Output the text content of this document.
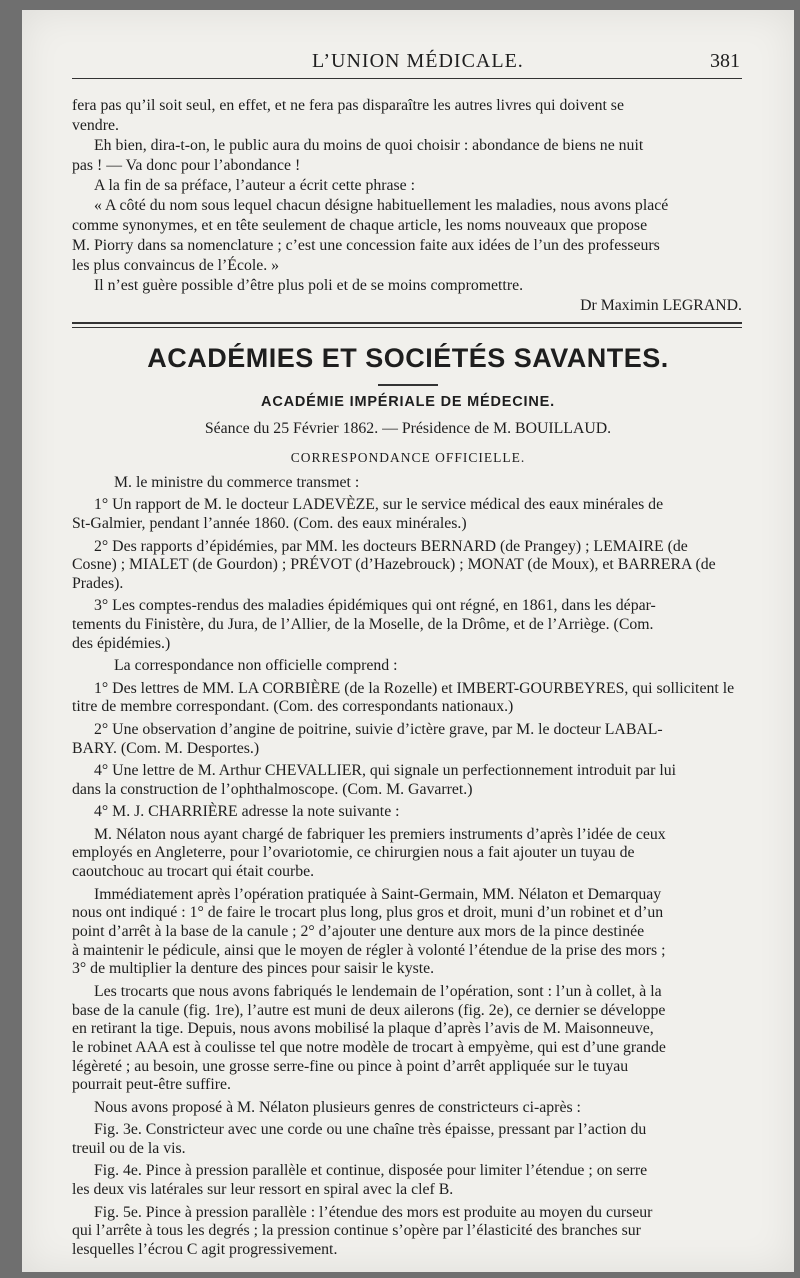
L’UNION MÉDICALE.	381
fera pas qu’il soit seul, en effet, et ne fera pas disparaître les autres livres qui doivent se
vendre.
Eh bien, dira-t-on, le public aura du moins de quoi choisir : abondance de biens ne nuit
pas ! — Va donc pour l’abondance !
A la fin de sa préface, l’auteur a écrit cette phrase :
« A côté du nom sous lequel chacun désigne habituellement les maladies, nous avons placé
comme synonymes, et en tête seulement de chaque article, les noms nouveaux que propose
M. Piorry dans sa nomenclature ; c’est une concession faite aux idées de l’un des professeurs
les plus convaincus de l’École. »
Il n’est guère possible d’être plus poli et de se moins compromettre.
Dr Maximin LEGRAND.
ACADÉMIES ET SOCIÉTÉS SAVANTES.
ACADÉMIE IMPÉRIALE DE MÉDECINE.
Séance du 25 Février 1862. — Présidence de M. BOUILLAUD.
CORRESPONDANCE OFFICIELLE.
M. le ministre du commerce transmet :
1° Un rapport de M. le docteur LADEVÈZE, sur le service médical des eaux minérales de
St-Galmier, pendant l’année 1860. (Com. des eaux minérales.)
2° Des rapports d’épidémies, par MM. les docteurs BERNARD (de Prangey) ; LEMAIRE (de
Cosne) ; MIALET (de Gourdon) ; PRÉVOT (d’Hazebrouck) ; MONAT (de Moux), et BARRERA (de
Prades).
3° Les comptes-rendus des maladies épidémiques qui ont régné, en 1861, dans les dépar-
tements du Finistère, du Jura, de l’Allier, de la Moselle, de la Drôme, et de l’Arriège. (Com.
des épidémies.)
La correspondance non officielle comprend :
1° Des lettres de MM. LA CORBIÈRE (de la Rozelle) et IMBERT-GOURBEYRES, qui sollicitent le
titre de membre correspondant. (Com. des correspondants nationaux.)
2° Une observation d’angine de poitrine, suivie d’ictère grave, par M. le docteur LABAL-
BARY. (Com. M. Desportes.)
4° Une lettre de M. Arthur CHEVALLIER, qui signale un perfectionnement introduit par lui
dans la construction de l’ophthalmoscope. (Com. M. Gavarret.)
4° M. J. CHARRIÈRE adresse la note suivante :
M. Nélaton nous ayant chargé de fabriquer les premiers instruments d’après l’idée de ceux
employés en Angleterre, pour l’ovariotomie, ce chirurgien nous a fait ajouter un tuyau de
caoutchouc au trocart qui était courbe.
Immédiatement après l’opération pratiquée à Saint-Germain, MM. Nélaton et Demarquay
nous ont indiqué : 1° de faire le trocart plus long, plus gros et droit, muni d’un robinet et d’un
point d’arrêt à la base de la canule ; 2° d’ajouter une denture aux mors de la pince destinée
à maintenir le pédicule, ainsi que le moyen de régler à volonté l’étendue de la prise des mors ;
3° de multiplier la denture des pinces pour saisir le kyste.
Les trocarts que nous avons fabriqués le lendemain de l’opération, sont : l’un à collet, à la
base de la canule (fig. 1re), l’autre est muni de deux ailerons (fig. 2e), ce dernier se développe
en retirant la tige. Depuis, nous avons mobilisé la plaque d’après l’avis de M. Maisonneuve,
le robinet AAA est à coulisse tel que notre modèle de trocart à empyème, qui est d’une grande
légèreté ; au besoin, une grosse serre-fine ou pince à point d’arrêt appliquée sur le tuyau
pourrait peut-être suffire.
Nous avons proposé à M. Nélaton plusieurs genres de constricteurs ci-après :
Fig. 3e. Constricteur avec une corde ou une chaîne très épaisse, pressant par l’action du
treuil ou de la vis.
Fig. 4e. Pince à pression parallèle et continue, disposée pour limiter l’étendue ; on serre
les deux vis latérales sur leur ressort en spiral avec la clef B.
Fig. 5e. Pince à pression parallèle : l’étendue des mors est produite au moyen du curseur
qui l’arrête à tous les degrés ; la pression continue s’opère par l’élasticité des branches sur
lesquelles l’écrou C agit progressivement.
